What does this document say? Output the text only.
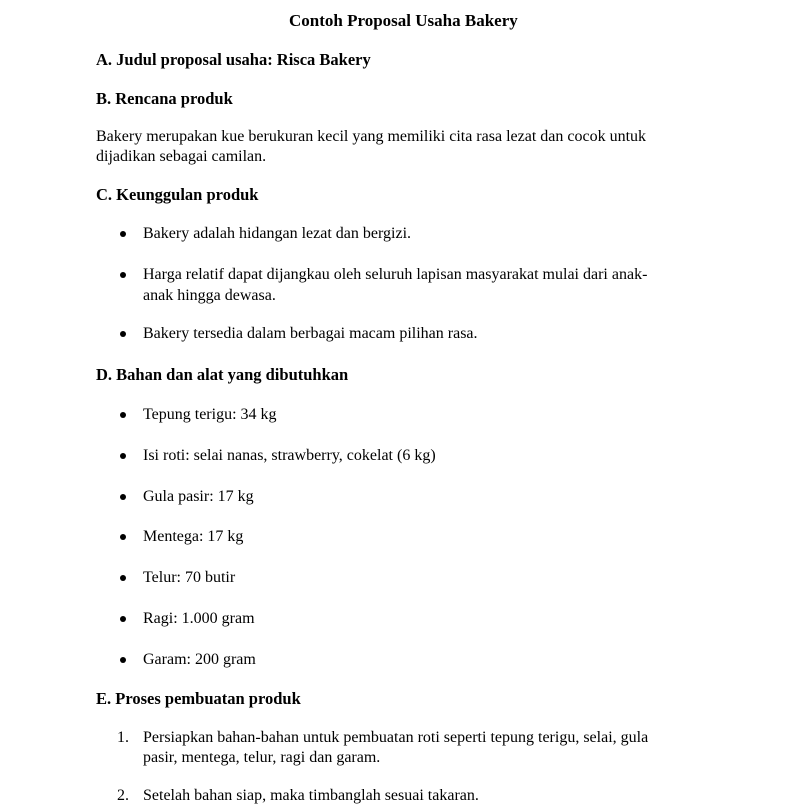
Contoh Proposal Usaha Bakery
A. Judul proposal usaha: Risca Bakery
B. Rencana produk
Bakery merupakan kue berukuran kecil yang memiliki cita rasa lezat dan cocok untuk
dijadikan sebagai camilan.
C. Keunggulan produk
Bakery adalah hidangan lezat dan bergizi.
Harga relatif dapat dijangkau oleh seluruh lapisan masyarakat mulai dari anak-
anak hingga dewasa.
Bakery tersedia dalam berbagai macam pilihan rasa.
D. Bahan dan alat yang dibutuhkan
Tepung terigu: 34 kg
Isi roti: selai nanas, strawberry, cokelat (6 kg)
Gula pasir: 17 kg
Mentega: 17 kg
Telur: 70 butir
Ragi: 1.000 gram
Garam: 200 gram
E. Proses pembuatan produk
1. Persiapkan bahan-bahan untuk pembuatan roti seperti tepung terigu, selai, gula
pasir, mentega, telur, ragi dan garam.
2. Setelah bahan siap, maka timbanglah sesuai takaran.
